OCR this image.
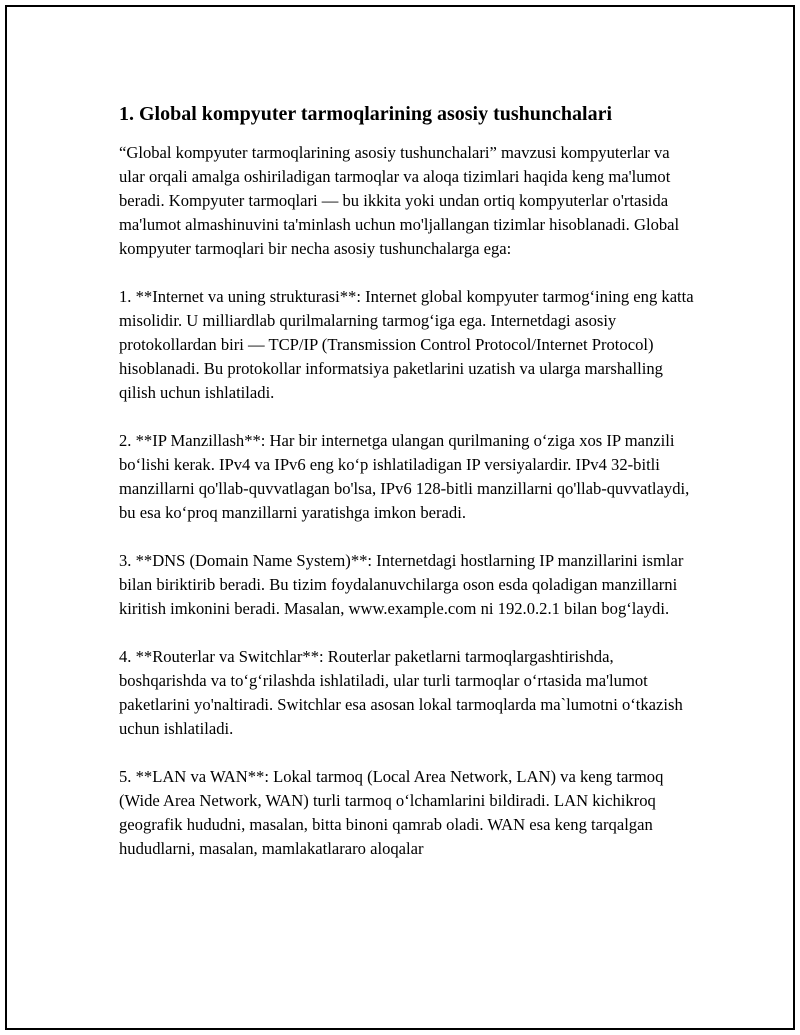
1. Global kompyuter tarmoqlarining asosiy tushunchalari

“Global kompyuter tarmoqlarining asosiy tushunchalari” mavzusi kompyuterlar va ular orqali amalga oshiriladigan tarmoqlar va aloqa tizimlari haqida keng ma'lumot beradi. Kompyuter tarmoqlari — bu ikkita yoki undan ortiq kompyuterlar o'rtasida ma'lumot almashinuvini ta'minlash uchun mo'ljallangan tizimlar hisoblanadi. Global kompyuter tarmoqlari bir necha asosiy tushunchalarga ega:

1. **Internet va uning strukturasi**: Internet global kompyuter tarmog‘ining eng katta misolidir. U milliardlab qurilmalarning tarmog‘iga ega. Internetdagi asosiy protokollardan biri — TCP/IP (Transmission Control Protocol/Internet Protocol) hisoblanadi. Bu protokollar informatsiya paketlarini uzatish va ularga marshalling qilish uchun ishlatiladi.

2. **IP Manzillash**: Har bir internetga ulangan qurilmaning o‘ziga xos IP manzili bo‘lishi kerak. IPv4 va IPv6 eng ko‘p ishlatiladigan IP versiyalardir. IPv4 32-bitli manzillarni qo'llab-quvvatlagan bo'lsa, IPv6 128-bitli manzillarni qo'llab-quvvatlaydi, bu esa ko‘proq manzillarni yaratishga imkon beradi.

3. **DNS (Domain Name System)**: Internetdagi hostlarning IP manzillarini ismlar bilan biriktirib beradi. Bu tizim foydalanuvchilarga oson esda qoladigan manzillarni kiritish imkonini beradi. Masalan, www.example.com ni 192.0.2.1 bilan bog‘laydi.

4. **Routerlar va Switchlar**: Routerlar paketlarni tarmoqlargashtirishda, boshqarishda va to‘g‘rilashda ishlatiladi, ular turli tarmoqlar o‘rtasida ma'lumot paketlarini yo'naltiradi. Switchlar esa asosan lokal tarmoqlarda ma`lumotni o‘tkazish uchun ishlatiladi.

5. **LAN va WAN**: Lokal tarmoq (Local Area Network, LAN) va keng tarmoq (Wide Area Network, WAN) turli tarmoq o‘lchamlarini bildiradi. LAN kichikroq geografik hududni, masalan, bitta binoni qamrab oladi. WAN esa keng tarqalgan hududlarni, masalan, mamlakatlararo aloqalar
